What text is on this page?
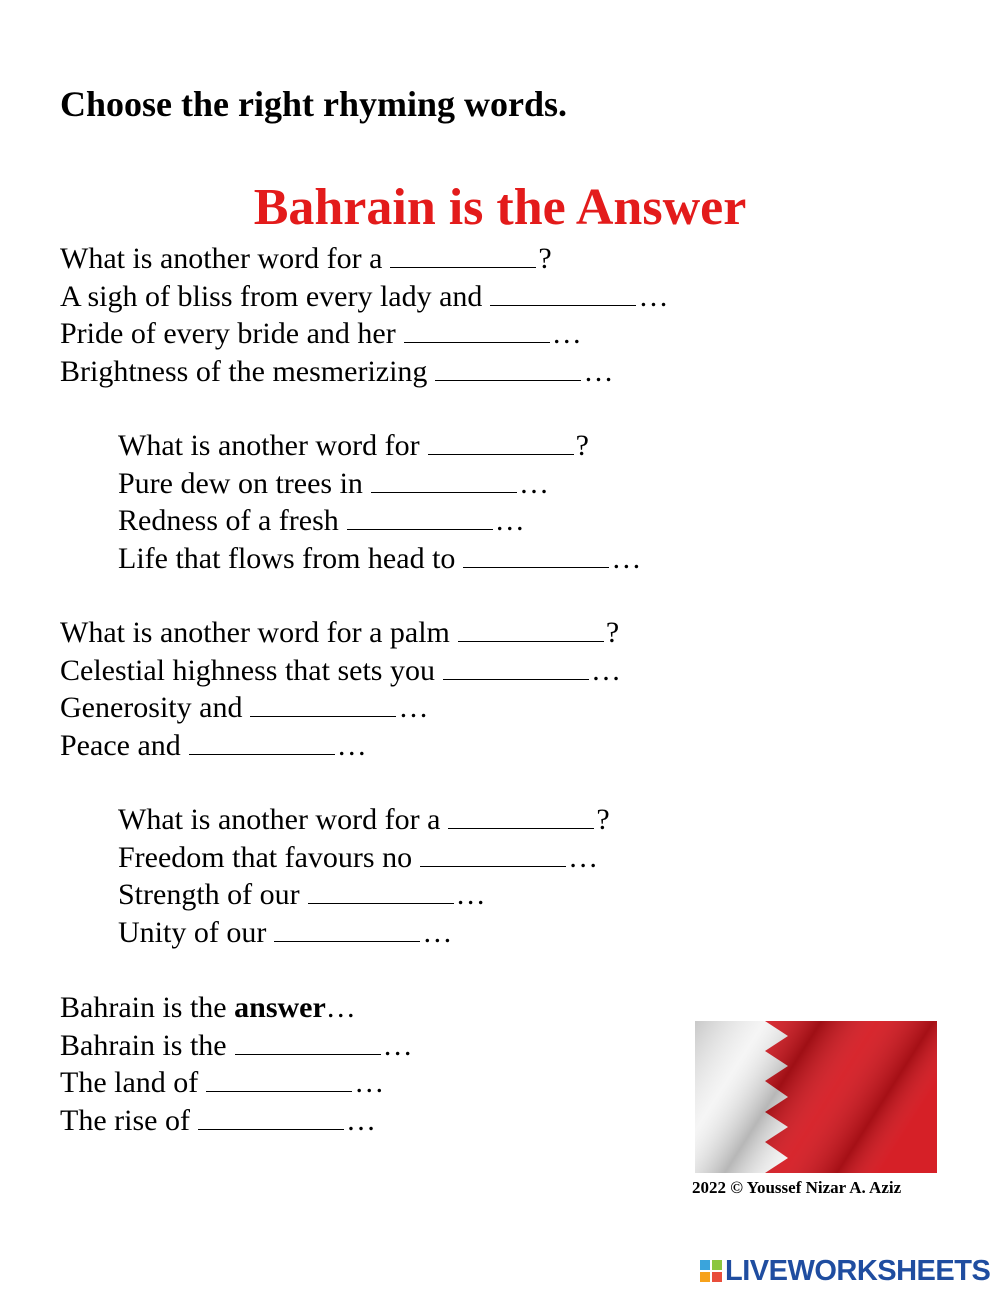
Choose the right rhyming words.
Bahrain is the Answer
What is another word for a	?
A sigh of bliss from every lady and	…
Pride of every bride and her	…
Brightness of the mesmerizing	…
What is another word for	?
Pure dew on trees in	…
Redness of a fresh	…
Life that flows from head to	…
What is another word for a palm	?
Celestial highness that sets you	…
Generosity and	…
Peace and	…
What is another word for a	?
Freedom that favours no	…
Strength of our	…
Unity of our	…
Bahrain is the answer…
Bahrain is the	…
The land of	…
The rise of	…
2022 © Youssef Nizar A. Aziz
LIVEWORKSHEETS
